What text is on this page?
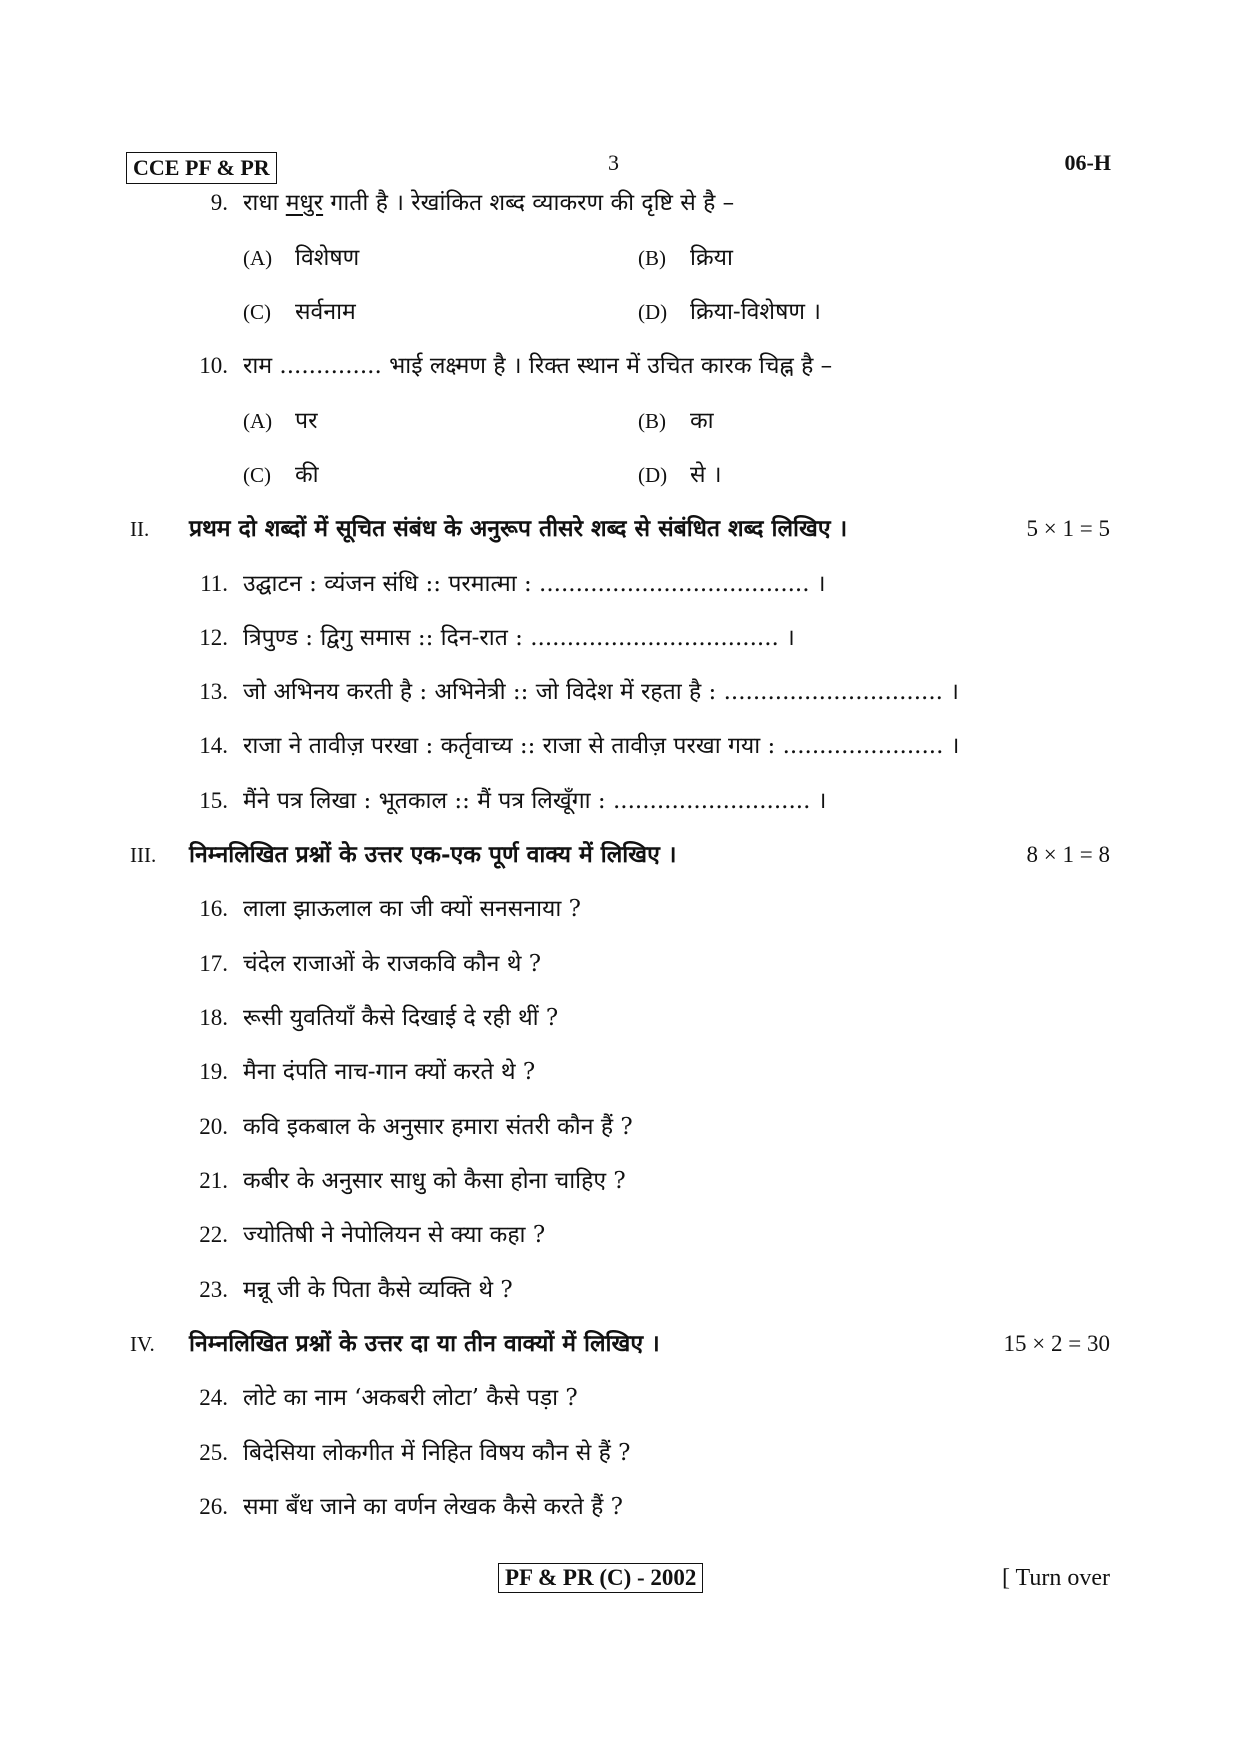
CCE PF & PR	3	06-H
9. राधा मधुर गाती है । रेखांकित शब्द व्याकरण की दृष्टि से है –
(A) विशेषण	(B) क्रिया
(C) सर्वनाम	(D) क्रिया-विशेषण ।
10. राम .............. भाई लक्ष्मण है । रिक्त स्थान में उचित कारक चिह्न है –
(A) पर	(B) का
(C) की	(D) से ।
II. प्रथम दो शब्दों में सूचित संबंध के अनुरूप तीसरे शब्द से संबंधित शब्द लिखिए ।	5 × 1 = 5
11. उद्घाटन : व्यंजन संधि :: परमात्मा : ..................................... ।
12. त्रिपुण्ड : द्विगु समास :: दिन-रात : .................................. ।
13. जो अभिनय करती है : अभिनेत्री :: जो विदेश में रहता है : .............................. ।
14. राजा ने तावीज़ परखा : कर्तृवाच्य :: राजा से तावीज़ परखा गया : ...................... ।
15. मैंने पत्र लिखा : भूतकाल :: मैं पत्र लिखूँगा : ........................... ।
III. निम्नलिखित प्रश्नों के उत्तर एक-एक पूर्ण वाक्य में लिखिए ।	8 × 1 = 8
16. लाला झाऊलाल का जी क्यों सनसनाया ?
17. चंदेल राजाओं के राजकवि कौन थे ?
18. रूसी युवतियाँ कैसे दिखाई दे रही थीं ?
19. मैना दंपति नाच-गान क्यों करते थे ?
20. कवि इकबाल के अनुसार हमारा संतरी कौन हैं ?
21. कबीर के अनुसार साधु को कैसा होना चाहिए ?
22. ज्योतिषी ने नेपोलियन से क्या कहा ?
23. मन्नू जी के पिता कैसे व्यक्ति थे ?
IV. निम्नलिखित प्रश्नों के उत्तर दा या तीन वाक्यों में लिखिए ।	15 × 2 = 30
24. लोटे का नाम ‘अकबरी लोटा’ कैसे पड़ा ?
25. बिदेसिया लोकगीत में निहित विषय कौन से हैं ?
26. समा बँध जाने का वर्णन लेखक कैसे करते हैं ?
PF & PR (C) - 2002	[ Turn over
